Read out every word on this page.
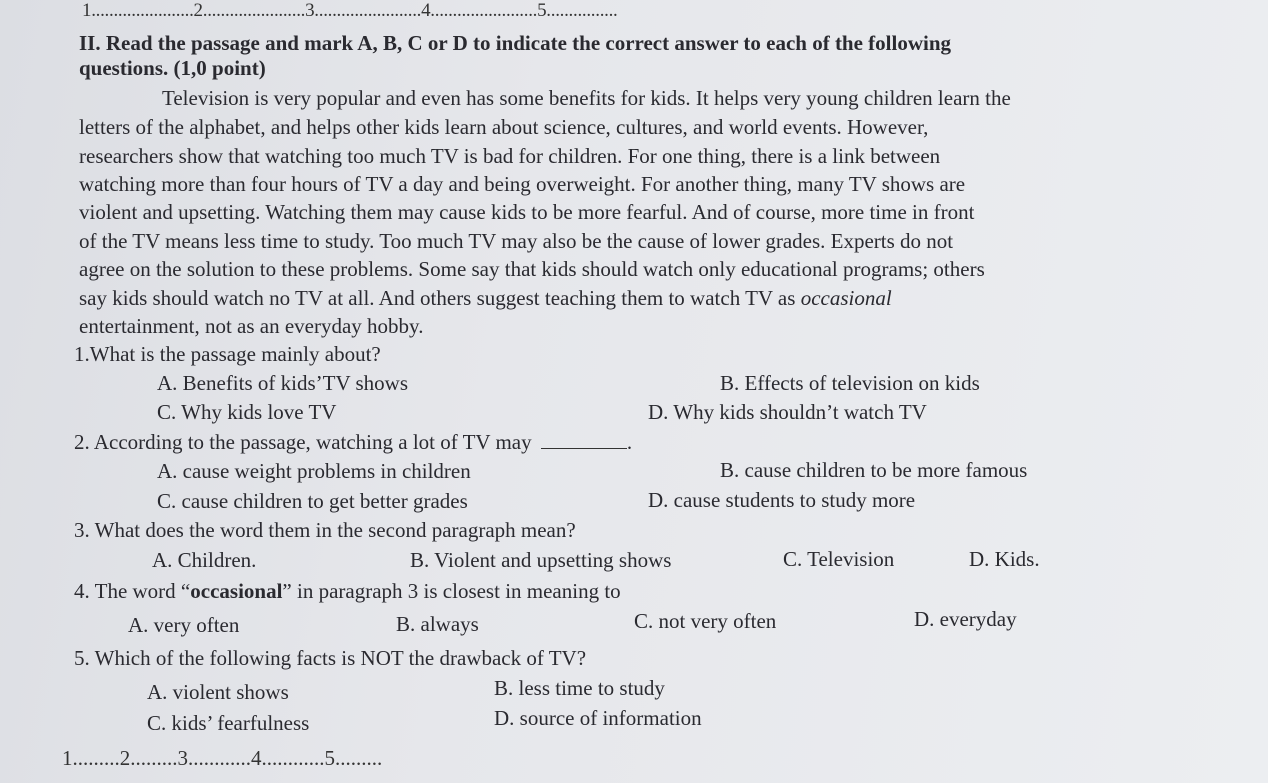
1.......................2.......................3........................4........................5................
II. Read the passage and mark A, B, C or D to indicate the correct answer to each of the following
questions. (1,0 point)
Television is very popular and even has some benefits for kids. It helps very young children learn the
letters of the alphabet, and helps other kids learn about science, cultures, and world events. However,
researchers show that watching too much TV is bad for children. For one thing, there is a link between
watching more than four hours of TV a day and being overweight. For another thing, many TV shows are
violent and upsetting. Watching them may cause kids to be more fearful. And of course, more time in front
of the TV means less time to study. Too much TV may also be the cause of lower grades. Experts do not
agree on the solution to these problems. Some say that kids should watch only educational programs; others
say kids should watch no TV at all. And others suggest teaching them to watch TV as occasional
entertainment, not as an everyday hobby.
1.What is the passage mainly about?
A. Benefits of kids’TV shows	B. Effects of television on kids
C. Why kids love TV	D. Why kids shouldn’t watch TV
2. According to the passage, watching a lot of TV may	.
A. cause weight problems in children	B. cause children to be more famous
C. cause children to get better grades	D. cause students to study more
3. What does the word them in the second paragraph mean?
A. Children.	B. Violent and upsetting shows	C. Television	D. Kids.
4. The word “occasional” in paragraph 3 is closest in meaning to
A. very often	B. always	C. not very often	D. everyday
5. Which of the following facts is NOT the drawback of TV?
A. violent shows	B. less time to study
C. kids’ fearfulness	D. source of information
1.........2.........3............4............5.........
